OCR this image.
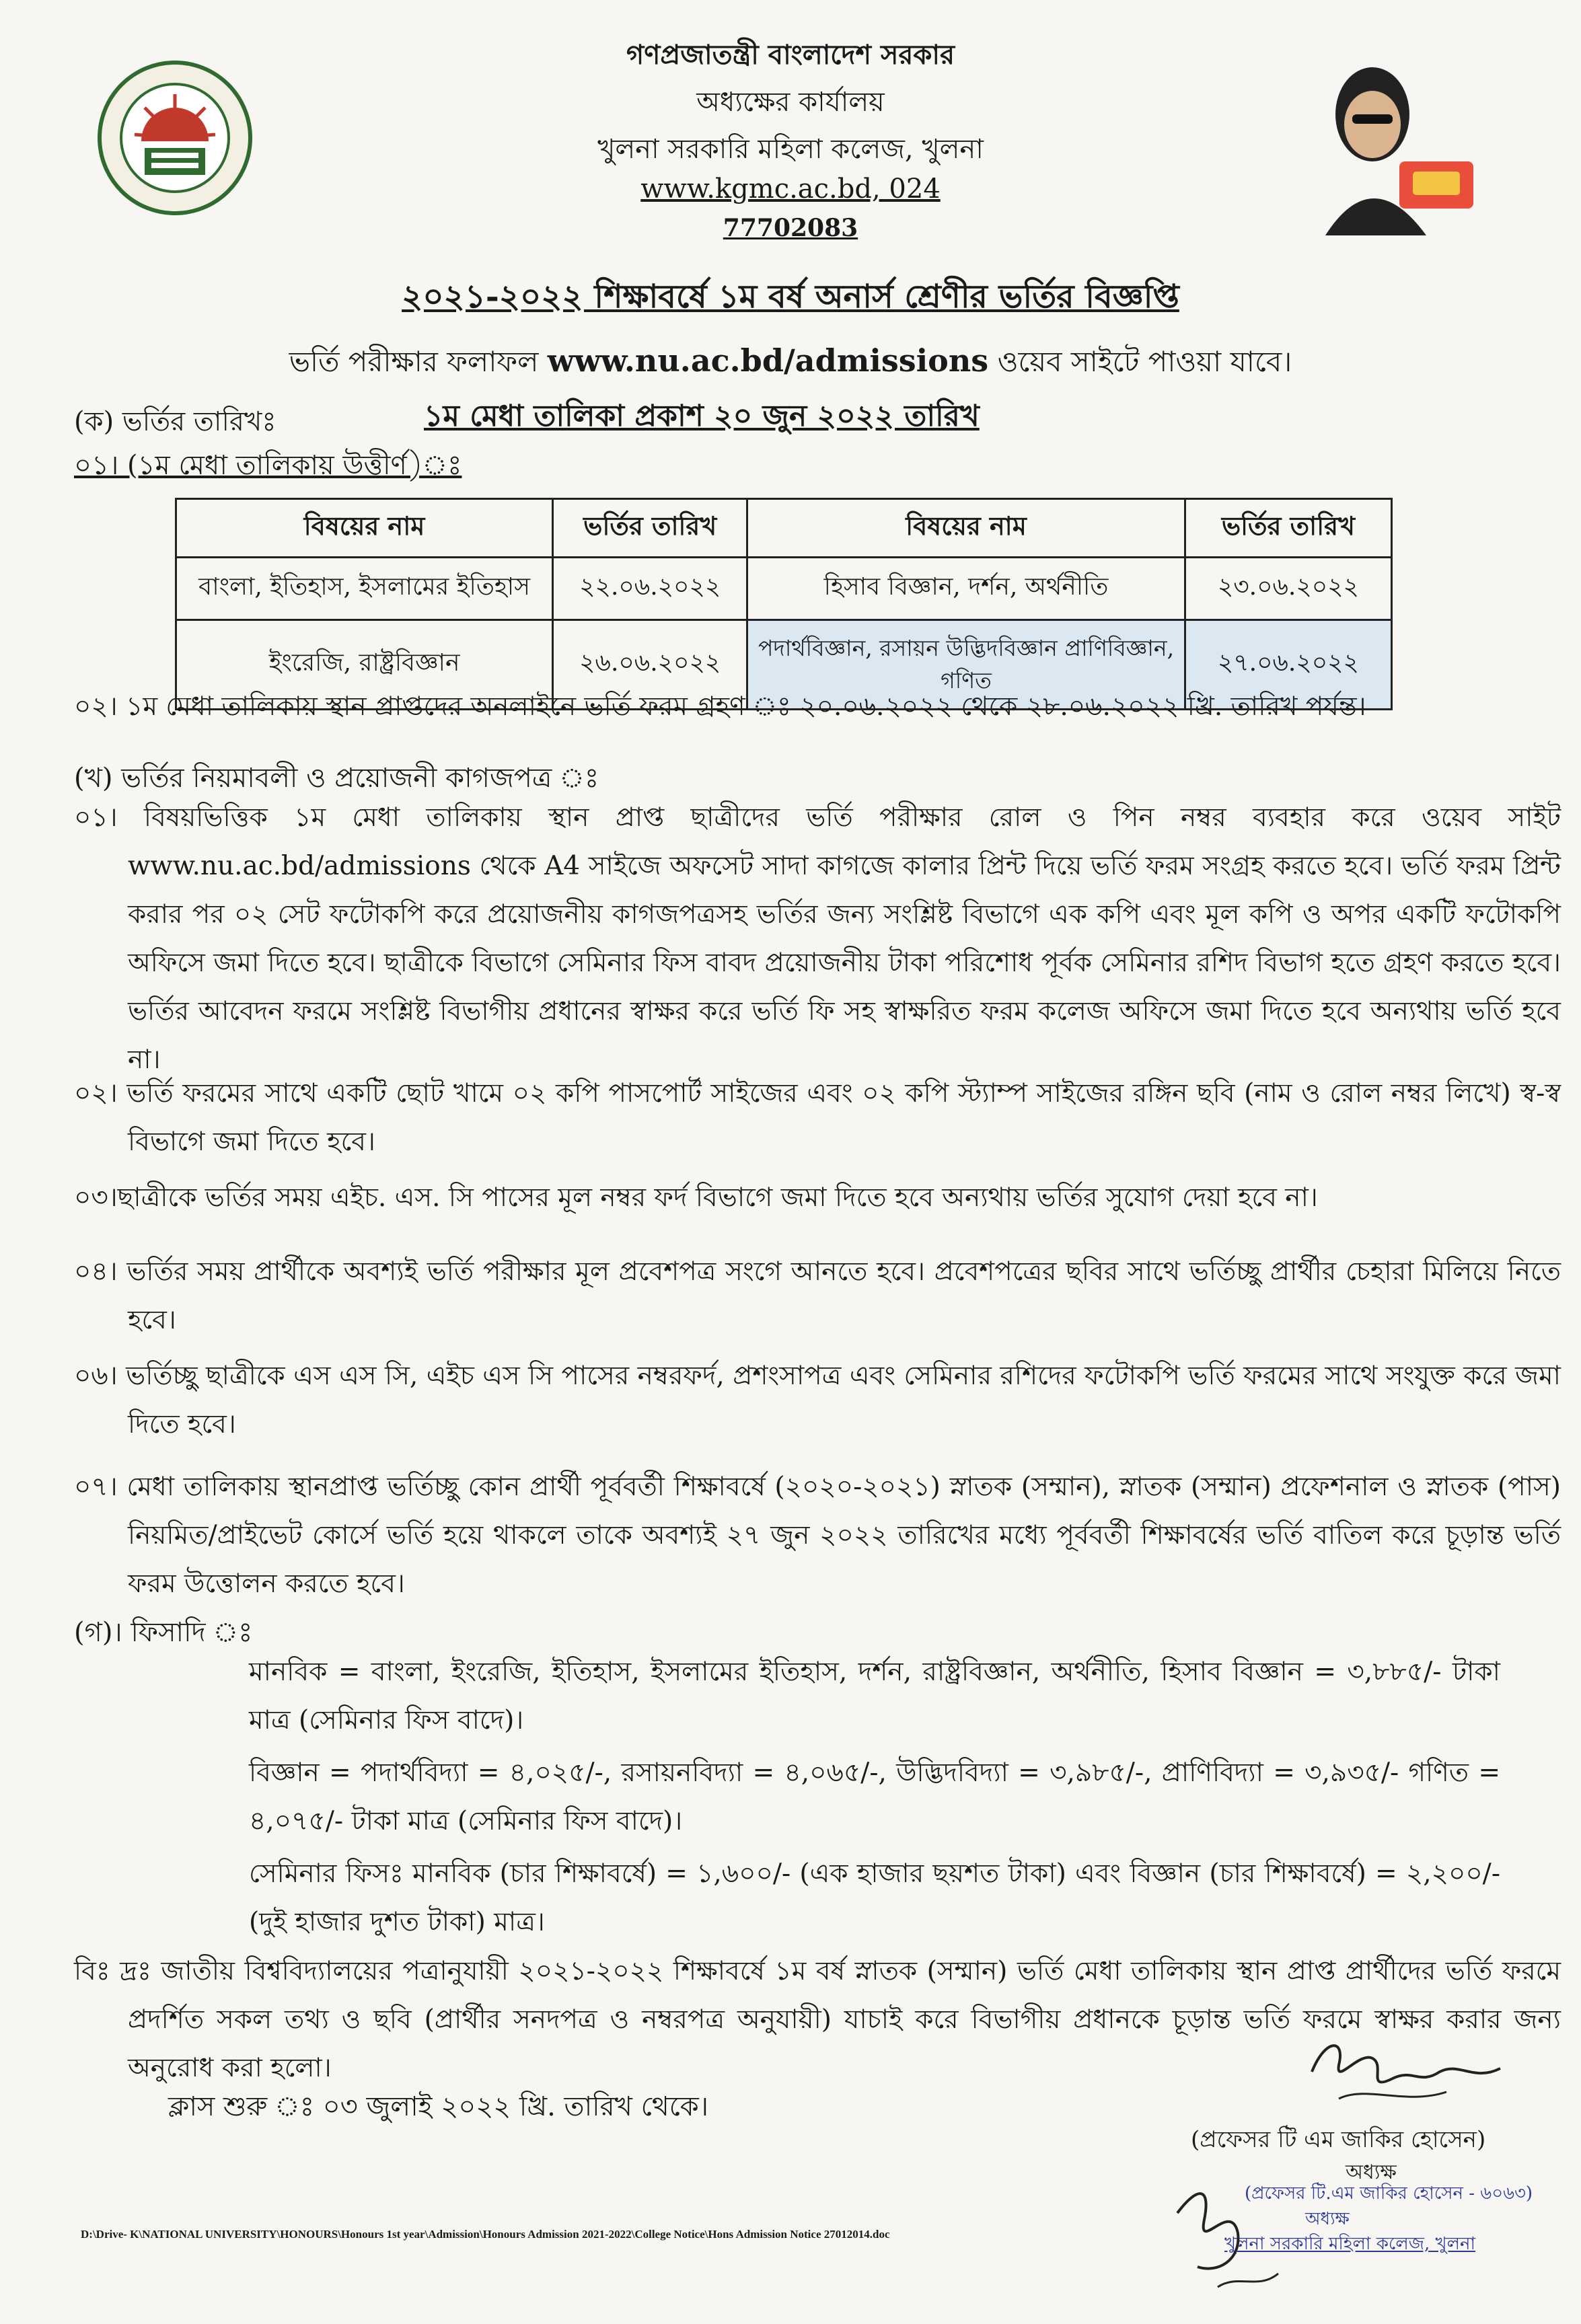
গণপ্রজাতন্ত্রী বাংলাদেশ সরকার
অধ্যক্ষের কার্যালয়
খুলনা সরকারি মহিলা কলেজ, খুলনা
www.kgmc.ac.bd, 024
77702083
২০২১-২০২২ শিক্ষাবর্ষে ১ম বর্ষ অনার্স শ্রেণীর ভর্তির বিজ্ঞপ্তি
ভর্তি পরীক্ষার ফলাফল www.nu.ac.bd/admissions ওয়েব সাইটে পাওয়া যাবে।
(ক) ভর্তির তারিখঃ	১ম মেধা তালিকা প্রকাশ ২০ জুন ২০২২ তারিখ
০১। (১ম মেধা তালিকায় উত্তীর্ণ)ঃ
বিষয়ের নাম	ভর্তির তারিখ	বিষয়ের নাম	ভর্তির তারিখ
বাংলা, ইতিহাস, ইসলামের ইতিহাস	২২.০৬.২০২২	হিসাব বিজ্ঞান, দর্শন, অর্থনীতি	২৩.০৬.২০২২
ইংরেজি, রাষ্ট্রবিজ্ঞান	২৬.০৬.২০২২	পদার্থবিজ্ঞান, রসায়ন উদ্ভিদবিজ্ঞান প্রাণিবিজ্ঞান, গণিত	২৭.০৬.২০২২
০২। ১ম মেধা তালিকায় স্থান প্রাপ্তদের অনলাইনে ভর্তি ফরম গ্রহণ ঃ ২০.০৬.২০২২ থেকে ২৮.০৬.২০২২ খ্রি. তারিখ পর্যন্ত।
(খ) ভর্তির নিয়মাবলী ও প্রয়োজনী কাগজপত্র ঃ
০১। বিষয়ভিত্তিক ১ম মেধা তালিকায় স্থান প্রাপ্ত ছাত্রীদের ভর্তি পরীক্ষার রোল ও পিন নম্বর ব্যবহার করে ওয়েব সাইট www.nu.ac.bd/admissions থেকে A4 সাইজে অফসেট সাদা কাগজে কালার প্রিন্ট দিয়ে ভর্তি ফরম সংগ্রহ করতে হবে। ভর্তি ফরম প্রিন্ট করার পর ০২ সেট ফটোকপি করে প্রয়োজনীয় কাগজপত্রসহ ভর্তির জন্য সংশ্লিষ্ট বিভাগে এক কপি এবং মূল কপি ও অপর একটি ফটোকপি অফিসে জমা দিতে হবে। ছাত্রীকে বিভাগে সেমিনার ফিস বাবদ প্রয়োজনীয় টাকা পরিশোধ পূর্বক সেমিনার রশিদ বিভাগ হতে গ্রহণ করতে হবে। ভর্তির আবেদন ফরমে সংশ্লিষ্ট বিভাগীয় প্রধানের স্বাক্ষর করে ভর্তি ফি সহ স্বাক্ষরিত ফরম কলেজ অফিসে জমা দিতে হবে অন্যথায় ভর্তি হবে না।
০২। ভর্তি ফরমের সাথে একটি ছোট খামে ০২ কপি পাসপোর্ট সাইজের এবং ০২ কপি স্ট্যাম্প সাইজের রঙ্গিন ছবি (নাম ও রোল নম্বর লিখে) স্ব-স্ব বিভাগে জমা দিতে হবে।
০৩।ছাত্রীকে ভর্তির সময় এইচ. এস. সি পাসের মূল নম্বর ফর্দ বিভাগে জমা দিতে হবে অন্যথায় ভর্তির সুযোগ দেয়া হবে না।
০৪। ভর্তির সময় প্রার্থীকে অবশ্যই ভর্তি পরীক্ষার মূল প্রবেশপত্র সংগে আনতে হবে। প্রবেশপত্রের ছবির সাথে ভর্তিচ্ছু প্রার্থীর চেহারা মিলিয়ে নিতে হবে।
০৬। ভর্তিচ্ছু ছাত্রীকে এস এস সি, এইচ এস সি পাসের নম্বরফর্দ, প্রশংসাপত্র এবং সেমিনার রশিদের ফটোকপি ভর্তি ফরমের সাথে সংযুক্ত করে জমা দিতে হবে।
০৭। মেধা তালিকায় স্থানপ্রাপ্ত ভর্তিচ্ছু কোন প্রার্থী পূর্ববর্তী শিক্ষাবর্ষে (২০২০-২০২১) স্নাতক (সম্মান), স্নাতক (সম্মান) প্রফেশনাল ও স্নাতক (পাস) নিয়মিত/প্রাইভেট কোর্সে ভর্তি হয়ে থাকলে তাকে অবশ্যই ২৭ জুন ২০২২ তারিখের মধ্যে পূর্ববর্তী শিক্ষাবর্ষের ভর্তি বাতিল করে চূড়ান্ত ভর্তি ফরম উত্তোলন করতে হবে।
(গ)। ফিসাদি ঃ
মানবিক = বাংলা, ইংরেজি, ইতিহাস, ইসলামের ইতিহাস, দর্শন, রাষ্ট্রবিজ্ঞান, অর্থনীতি, হিসাব বিজ্ঞান = ৩,৮৮৫/- টাকা মাত্র (সেমিনার ফিস বাদে)।
বিজ্ঞান = পদার্থবিদ্যা = ৪,০২৫/-, রসায়নবিদ্যা = ৪,০৬৫/-, উদ্ভিদবিদ্যা = ৩,৯৮৫/-, প্রাণিবিদ্যা = ৩,৯৩৫/- গণিত = ৪,০৭৫/- টাকা মাত্র (সেমিনার ফিস বাদে)।
সেমিনার ফিসঃ মানবিক (চার শিক্ষাবর্ষে) = ১,৬০০/- (এক হাজার ছয়শত টাকা) এবং বিজ্ঞান (চার শিক্ষাবর্ষে) = ২,২০০/- (দুই হাজার দুশত টাকা) মাত্র।
বিঃ দ্রঃ জাতীয় বিশ্ববিদ্যালয়ের পত্রানুযায়ী ২০২১-২০২২ শিক্ষাবর্ষে ১ম বর্ষ স্নাতক (সম্মান) ভর্তি মেধা তালিকায় স্থান প্রাপ্ত প্রার্থীদের ভর্তি ফরমে প্রদর্শিত সকল তথ্য ও ছবি (প্রার্থীর সনদপত্র ও নম্বরপত্র অনুযায়ী) যাচাই করে বিভাগীয় প্রধানকে চূড়ান্ত ভর্তি ফরমে স্বাক্ষর করার জন্য অনুরোধ করা হলো।
ক্লাস শুরু ঃ ০৩ জুলাই ২০২২ খ্রি. তারিখ থেকে।
(প্রফেসর টি এম জাকির হোসেন)
অধ্যক্ষ
(প্রফেসর টি.এম জাকির হোসেন - ৬০৬৩)
অধ্যক্ষ
খুলনা সরকারি মহিলা কলেজ, খুলনা
D:\Drive- K\NATIONAL UNIVERSITY\HONOURS\Honours 1st year\Admission\Honours Admission 2021-2022\College Notice\Hons Admission Notice 27012014.doc
